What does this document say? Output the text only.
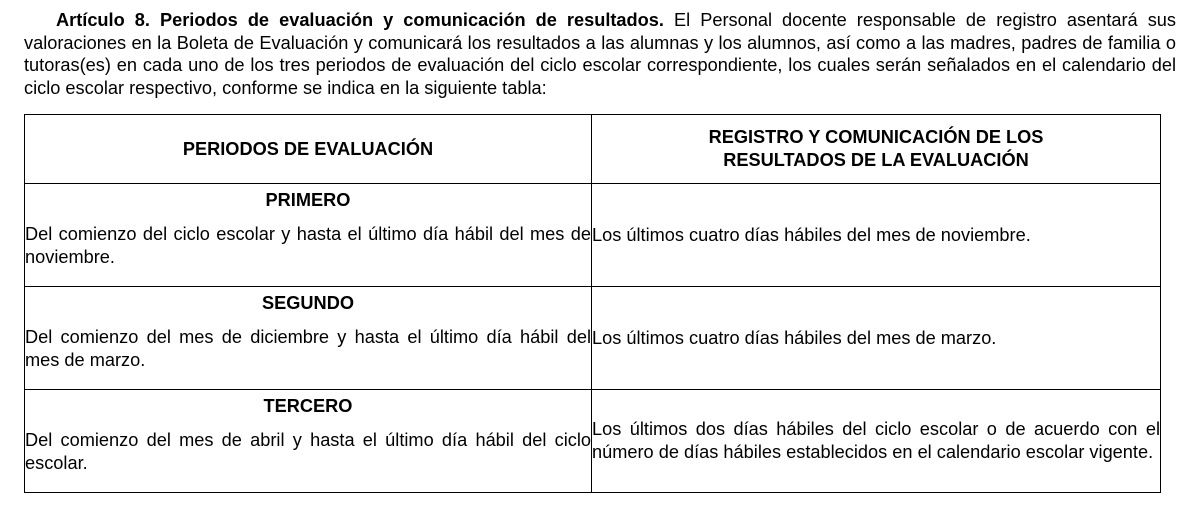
Artículo 8. Periodos de evaluación y comunicación de resultados. El Personal docente responsable de registro asentará sus valoraciones en la Boleta de Evaluación y comunicará los resultados a las alumnas y los alumnos, así como a las madres, padres de familia o tutoras(es) en cada uno de los tres periodos de evaluación del ciclo escolar correspondiente, los cuales serán señalados en el calendario del ciclo escolar respectivo, conforme se indica en la siguiente tabla:

PERIODOS DE EVALUACIÓN	REGISTRO Y COMUNICACIÓN DE LOS
RESULTADOS DE LA EVALUACIÓN

PRIMERO
Del comienzo del ciclo escolar y hasta el último día hábil del mes de noviembre.	Los últimos cuatro días hábiles del mes de noviembre.

SEGUNDO
Del comienzo del mes de diciembre y hasta el último día hábil del mes de marzo.	Los últimos cuatro días hábiles del mes de marzo.

TERCERO
Del comienzo del mes de abril y hasta el último día hábil del ciclo escolar.	Los últimos dos días hábiles del ciclo escolar o de acuerdo con el número de días hábiles establecidos en el calendario escolar vigente.
